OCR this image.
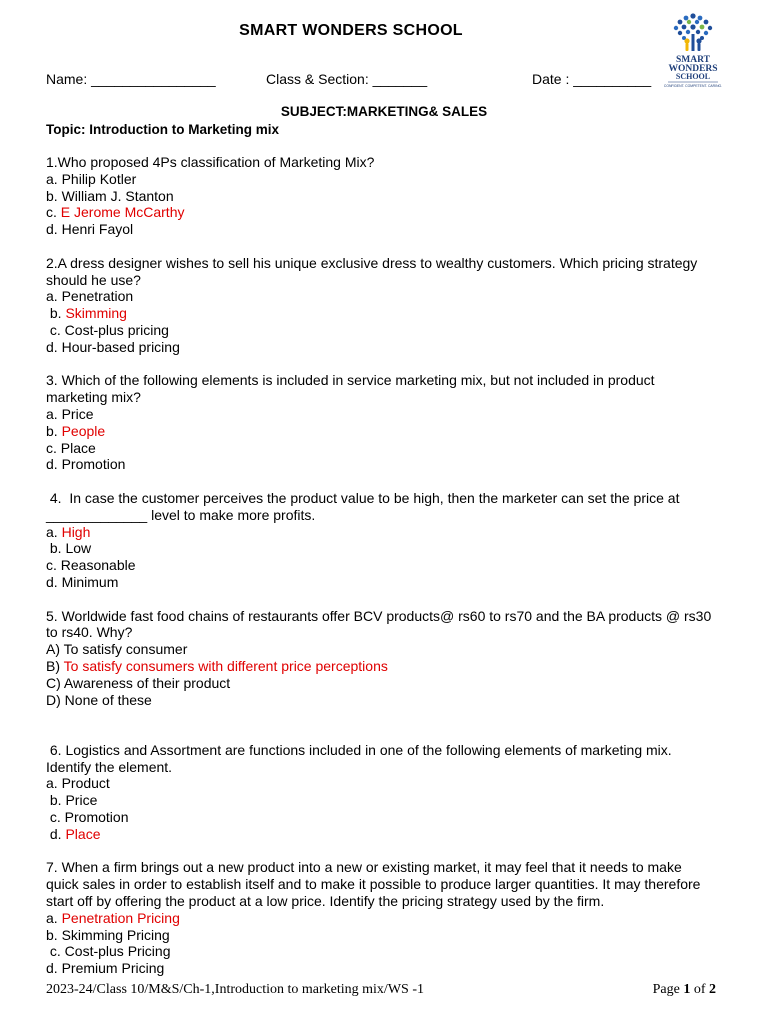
SMART WONDERS SCHOOL
SMART
WONDERS
SCHOOL
CONFIDENT. COMPETENT. CARING.
Name: ________________	Class & Section: _______	Date : __________
SUBJECT:MARKETING& SALES
Topic: Introduction to Marketing mix
1.Who proposed 4Ps classification of Marketing Mix?
a. Philip Kotler
b. William J. Stanton
c. E Jerome McCarthy
d. Henri Fayol
2.A dress designer wishes to sell his unique exclusive dress to wealthy customers. Which pricing strategy should he use?
a. Penetration
b. Skimming
c. Cost-plus pricing
d. Hour-based pricing
3. Which of the following elements is included in service marketing mix, but not included in product marketing mix?
a. Price
b. People
c. Place
d. Promotion
4.  In case the customer perceives the product value to be high, then the marketer can set the price at
_____________ level to make more profits.
a. High
b. Low
c. Reasonable
d. Minimum
5. Worldwide fast food chains of restaurants offer BCV products@ rs60 to rs70 and the BA products @ rs30 to rs40. Why?
A) To satisfy consumer
B) To satisfy consumers with different price perceptions
C) Awareness of their product
D) None of these
6. Logistics and Assortment are functions included in one of the following elements of marketing mix. Identify the element.
a. Product
b. Price
c. Promotion
d. Place
7. When a firm brings out a new product into a new or existing market, it may feel that it needs to make quick sales in order to establish itself and to make it possible to produce larger quantities. It may therefore start off by offering the product at a low price. Identify the pricing strategy used by the firm.
a. Penetration Pricing
b. Skimming Pricing
c. Cost-plus Pricing
d. Premium Pricing
2023-24/Class 10/M&S/Ch-1,Introduction to marketing mix/WS -1	Page 1 of 2
